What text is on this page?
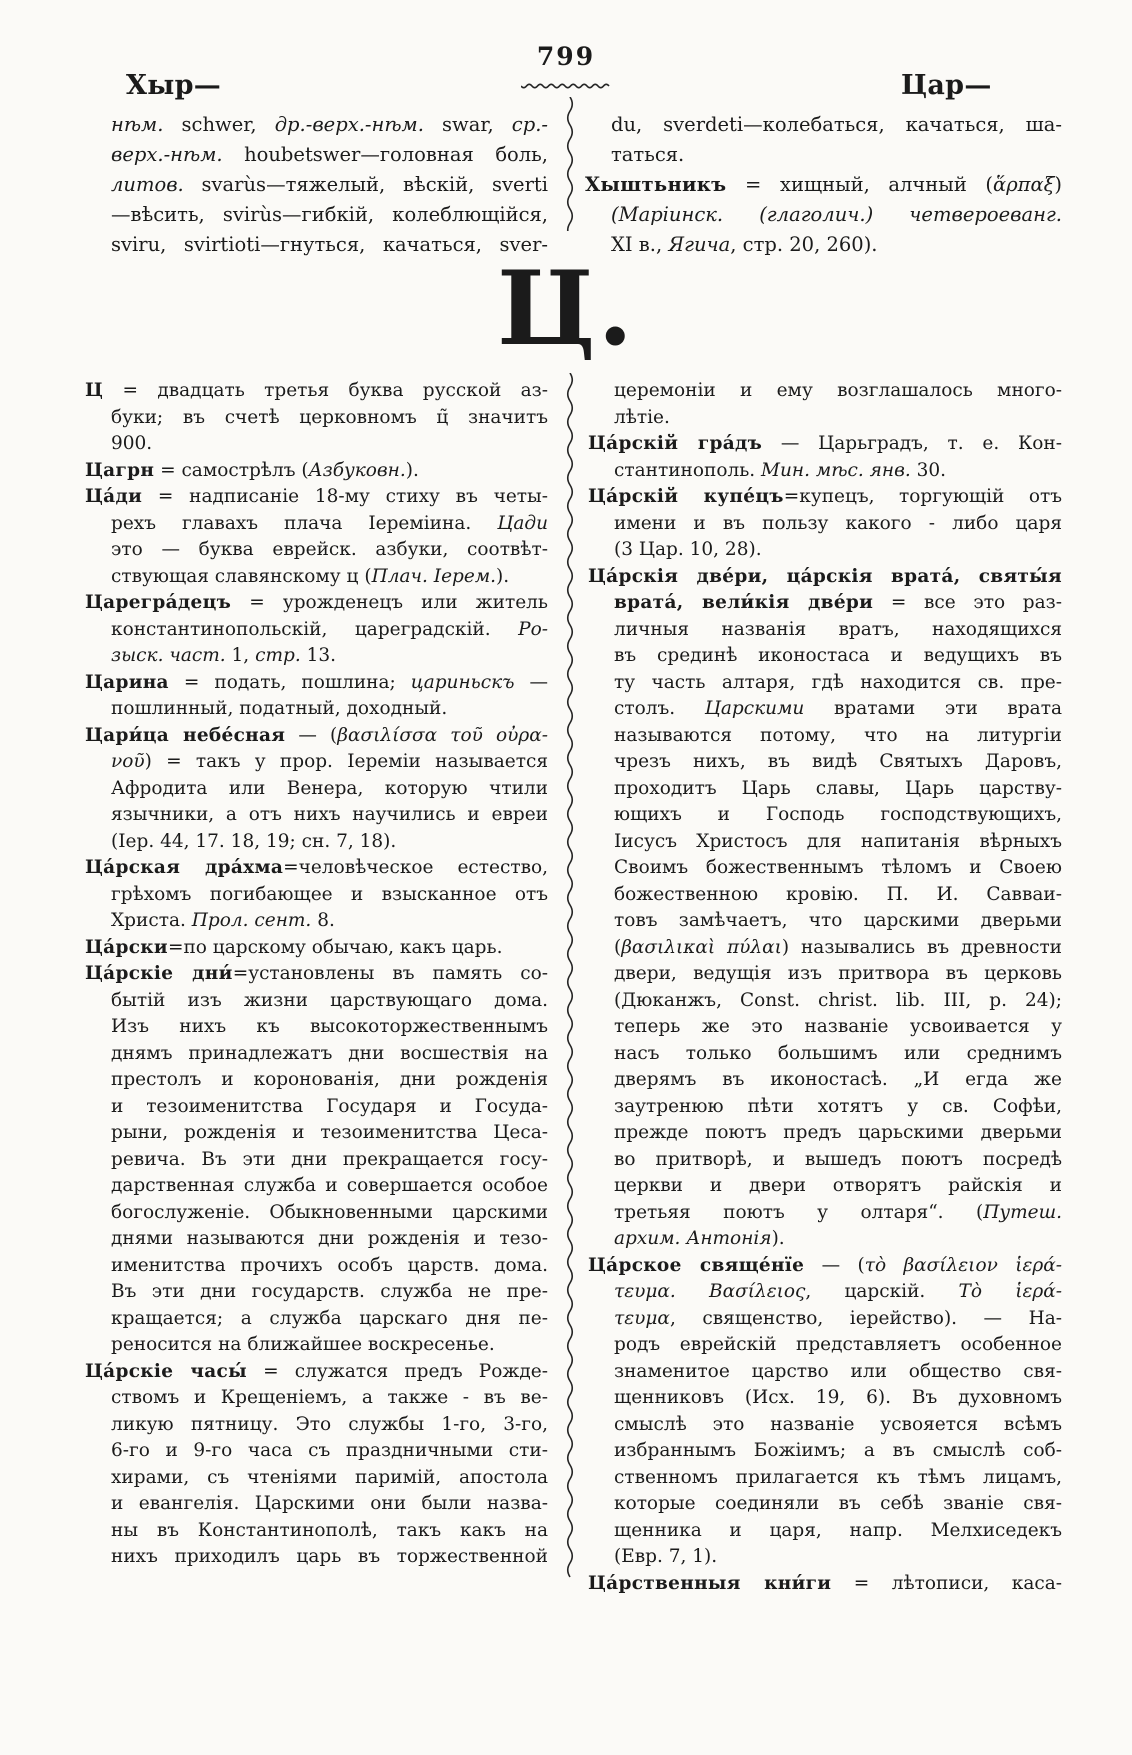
799
Хыр—	Цар—
нѣм. schwer, др.-верх.-нѣм. swar, ср.-
верх.-нѣм. houbetswer—головная боль,
литов. svarùs—тяжелый, вѣскій, sverti
—вѣсить, svirùs—гибкій, колеблющійся,
sviru, svirtioti—гнуться, качаться, sver-
du, sverdeti—колебаться, качаться, ша-
таться.
Хыштьникъ = хищный, алчный (ἅρπαξ)
(Маріинск. (глаголич.) четвероеванг.
XI в., Ягича, стр. 20, 260).
Ц.
Ц = двадцать третья буква русской аз-
буки; въ счетѣ церковномъ ц̃ значитъ
900.
Цагрн = самострѣлъ (Азбуковн.).
Ца́ди = надписаніе 18-му стиху въ четы-
рехъ главахъ плача Іереміина. Цади
это — буква еврейск. азбуки, соотвѣт-
ствующая славянскому ц (Плач. Іерем.).
Царегра́децъ = урожденецъ или житель
константинопольскій, цареградскій. Ро-
зыск. част. 1, стр. 13.
Царина = подать, пошлина; цариньскъ —
пошлинный, податный, доходный.
Цари́ца небе́сная — (βασιλίσσα τοῦ οὐρα-
νοῦ) = такъ у прор. Іереміи называется
Афродита или Венера, которую чтили
язычники, а отъ нихъ научились и евреи
(Іер. 44, 17. 18, 19; сн. 7, 18).
Ца́рская дра́хма=человѣческое естество,
грѣхомъ погибающее и взысканное отъ
Христа. Прол. сент. 8.
Ца́рски=по царскому обычаю, какъ царь.
Ца́рскіе дни́=установлены въ память со-
бытій изъ жизни царствующаго дома.
Изъ нихъ къ высокоторжественнымъ
днямъ принадлежатъ дни восшествія на
престолъ и коронованія, дни рожденія
и тезоименитства Государя и Госуда-
рыни, рожденія и тезоименитства Цеса-
ревича. Въ эти дни прекращается госу-
дарственная служба и совершается особое
богослуженіе. Обыкновенными царскими
днями называются дни рожденія и тезо-
именитства прочихъ особъ царств. дома.
Въ эти дни государств. служба не пре-
кращается; а служба царскаго дня пе-
реносится на ближайшее воскресенье.
Ца́рскіе часы́ = служатся предъ Рожде-
ствомъ и Крещеніемъ, а также - въ ве-
ликую пятницу. Это службы 1-го, 3-го,
6-го и 9-го часа съ праздничными сти-
хирами, съ чтеніями паримій, апостола
и евангелія. Царскими они были назва-
ны въ Константинополѣ, такъ какъ на
нихъ приходилъ царь въ торжественной
церемоніи и ему возглашалось много-
лѣтіе.
Ца́рскій гра́дъ — Царьградъ, т. е. Кон-
стантинополь. Мин. мѣс. янв. 30.
Ца́рскій купе́цъ=купецъ, торгующій отъ
имени и въ пользу какого - либо царя
(3 Цар. 10, 28).
Ца́рскія две́ри, ца́рскія врата́, святы́я
врата́, вели́кія две́ри = все это раз-
личныя названія вратъ, находящихся
въ срединѣ иконостаса и ведущихъ въ
ту часть алтаря, гдѣ находится св. пре-
столъ. Царскими вратами эти врата
называются потому, что на литургіи
чрезъ нихъ, въ видѣ Святыхъ Даровъ,
проходитъ Царь славы, Царь царству-
ющихъ и Господь господствующихъ,
Іисусъ Христосъ для напитанія вѣрныхъ
Своимъ божественнымъ тѣломъ и Своею
божественною кровію. П. И. Савваи-
товъ замѣчаетъ, что царскими дверьми
(βασιλικαὶ πύλαι) назывались въ древности
двери, ведущія изъ притвора въ церковь
(Дюканжъ, Const. christ. lib. III, p. 24);
теперь же это названіе усвоивается у
насъ только большимъ или среднимъ
дверямъ въ иконостасѣ. „И егда же
заутренюю пѣти хотятъ у св. Софѣи,
прежде поютъ предъ царьскими дверьми
во притворѣ, и вышедъ поютъ посредѣ
церкви и двери отворятъ райскія и
третьяя поютъ у олтаря“. (Путеш.
архим. Антонія).
Ца́рское свяще́нїе — (τὸ βασίλειον ἱερά-
τευμα. Βασίλειος, царскій. Τὸ ἱερά-
τευμα, священство, іерейство). — На-
родъ еврейскій представляетъ особенное
знаменитое царство или общество свя-
щенниковъ (Исх. 19, 6). Въ духовномъ
смыслѣ это названіе усвояется всѣмъ
избраннымъ Божіимъ; а въ смыслѣ соб-
ственномъ прилагается къ тѣмъ лицамъ,
которые соединяли въ себѣ званіе свя-
щенника и царя, напр. Мелхиседекъ
(Евр. 7, 1).
Ца́рственныя кни́ги = лѣтописи, каса-
